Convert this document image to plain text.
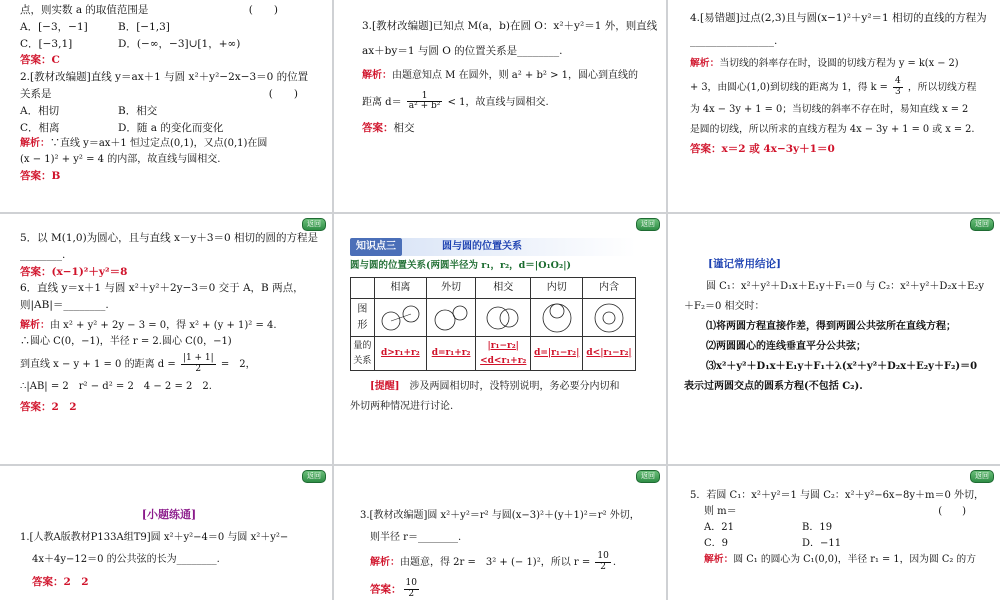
点，则实数 a 的取值范围是	(　　)

A．[−3，−1]	B．[−1,3]
C．[−3,1]	D．(−∞，−3]∪[1，+∞)

答案：C

2.[教材改编题]直线 y＝ax＋1 与圆 x²＋y²−2x−3＝0 的位置

关系是	(　　)

A．相切	B．相交
C．相离	D．随 a 的变化而变化

解析：∵直线 y＝ax＋1 恒过定点(0,1)，又点(0,1)在圆

(x − 1)² + y² = 4 的内部，故直线与圆相交.

答案：B

3.[教材改编题]已知点 M(a，b)在圆 O：x²＋y²＝1 外，则直线

ax＋by＝1 与圆 O 的位置关系是________.

解析：由题意知点 M 在圆外，则 a² + b² > 1，圆心到直线的

距离 $d= \frac{1}{\text{a² + b²}} < 1$，故直线与圆相交.

答案：相交

4.[易错题]过点(2,3)且与圆(x−1)²＋y²＝1 相切的直线的方程为

________________.

解析：当切线的斜率存在时，设圆的切线方程为 y = k(x − 2)

+ 3，由圆心(1,0)到切线的距离为 1，得 $k = \frac{4}{3}$ ，所以切线方程

为 4x − 3y + 1 = 0；当切线的斜率不存在时，易知直线 x = 2

是圆的切线，所以所求的直线方程为 4x − 3y + 1 = 0 或 x = 2.

答案：x＝2 或 4x−3y＋1＝0

返回

5．以 M(1,0)为圆心，且与直线 x－y＋3＝0 相切的圆的方程是

________.

答案：(x−1)²＋y²＝8

6．直线 y＝x＋1 与圆 x²＋y²＋2y−3＝0 交于 A，B 两点，

则|AB|＝________.

解析：由 x² + y² + 2y − 3 = 0，得 x² + (y + 1)² = 4.

∴圆心 C(0，−1)，半径 r = 2.圆心 C(0，−1)

到直线 x − y + 1 = 0 的距离 $d = \frac{|1 + 1|}{2}$ =　2，

∴|AB| = 2　r² − d² = 2　4 − 2 = 2　2.

答案：2　2

返回
知识点三	圆与圆的位置关系

圆与圆的位置关系(两圆半径为 r₁，r₂，d＝|O₁O₂|)

	相离	外切	相交	内切	内含
图形	

量的关系	d>r₁+r₂	d=r₁+r₂	|r₁−r₂|<d<r₁+r₂	d=|r₁−r₂|	d<|r₁−r₂|

[提醒]　 涉及两圆相切时，没特别说明，务必要分内切和

外切两种情况进行讨论.

返回

[谨记常用结论]

圆 C₁：x²＋y²＋D₁x＋E₁y＋F₁＝0 与 C₂：x²＋y²＋D₂x＋E₂y

＋F₂＝0 相交时：

⑴将两圆方程直接作差，得到两圆公共弦所在直线方程；

⑵两圆圆心的连线垂直平分公共弦；

⑶x²＋y²＋D₁x＋E₁y＋F₁＋λ(x²＋y²＋D₂x＋E₂y＋F₂)＝0

表示过两圆交点的圆系方程(不包括 C₂).

返回

[小题练通]

1.[人教A版教材P133A组T9]圆 x²＋y²−4＝0 与圆 x²＋y²−

4x＋4y−12＝0 的公共弦的长为________.

答案：2　2

返回

3.[教材改编题]圆 x²＋y²＝r² 与圆(x−3)²＋(y＋1)²＝r² 外切，

则半径 r＝________.

解析：由题意，得 2r =　3² + (− 1)²，所以 $r = \frac{10}{2}$ .

答案： $\frac{10}{2}$

返回

5．若圆 C₁：x²＋y²＝1 与圆 C₂：x²＋y²−6x−8y＋m＝0 外切，

则 m＝	(　　)

A．21	B．19
C．9	D．−11

解析：圆 C₁ 的圆心为 C₁(0,0)，半径 r₁ = 1，因为圆 C₂ 的方
